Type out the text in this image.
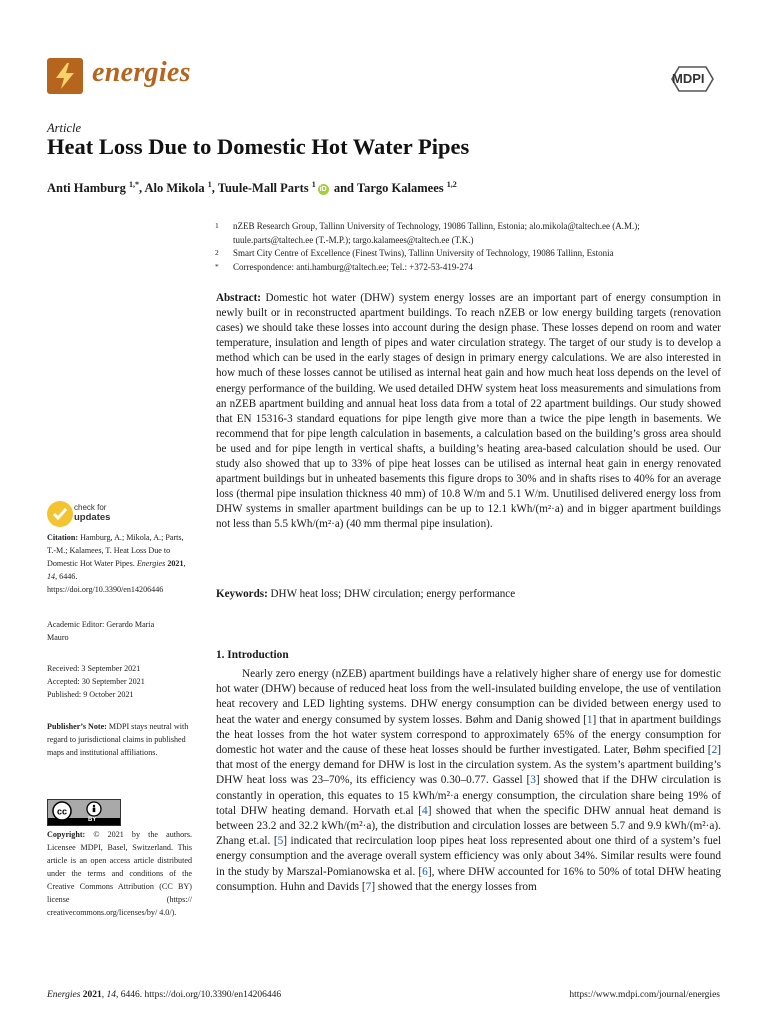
energies	MDPI
Article
Heat Loss Due to Domestic Hot Water Pipes
Anti Hamburg $^{1,*}$, Alo Mikola $^1$, Tuule-Mall Parts $^1$iD and Targo Kalamees $^{1,2}$
1 nZEB Research Group, Tallinn University of Technology, 19086 Tallinn, Estonia; alo.mikola@taltech.ee (A.M.);
tuule.parts@taltech.ee (T.-M.P.); targo.kalamees@taltech.ee (T.K.)
2 Smart City Centre of Excellence (Finest Twins), Tallinn University of Technology, 19086 Tallinn, Estonia
* Correspondence: anti.hamburg@taltech.ee; Tel.: +372-53-419-274
Abstract: Domestic hot water (DHW) system energy losses are an important part of energy consumption in newly built or in reconstructed apartment buildings. To reach nZEB or low energy building targets (renovation cases) we should take these losses into account during the design phase. These losses depend on room and water temperature, insulation and length of pipes and water circulation strategy. The target of our study is to develop a method which can be used in the early stages of design in primary energy calculations. We are also interested in how much of these losses cannot be utilised as internal heat gain and how much heat loss depends on the level of energy performance of the building. We used detailed DHW system heat loss measurements and simulations from an nZEB apartment building and annual heat loss data from a total of 22 apartment buildings. Our study showed that EN 15316-3 standard equations for pipe length give more than a twice the pipe length in basements. We recommend that for pipe length calculation in basements, a calculation based on the building’s gross area should be used and for pipe length in vertical shafts, a building’s heating area-based calculation should be used. Our study also showed that up to 33% of pipe heat losses can be utilised as internal heat gain in energy renovated apartment buildings but in unheated basements this figure drops to 30% and in shafts rises to 40% for an average loss (thermal pipe insulation thickness 40 mm) of 10.8 W/m and 5.1 W/m. Unutilised delivered energy loss from DHW systems in smaller apartment buildings can be up to 12.1 kWh/(m²·a) and in bigger apartment buildings not less than 5.5 kWh/(m²·a) (40 mm thermal pipe insulation).
Keywords: DHW heat loss; DHW circulation; energy performance
1. Introduction
Nearly zero energy (nZEB) apartment buildings have a relatively higher share of energy use for domestic hot water (DHW) because of reduced heat loss from the well-insulated building envelope, the use of ventilation heat recovery and LED lighting systems. DHW energy consumption can be divided between energy used to heat the water and energy consumed by system losses. Bøhm and Danig showed [1] that in apartment buildings the heat losses from the hot water system correspond to approximately 65% of the energy consumption for domestic hot water and the cause of these heat losses should be further investigated. Later, Bøhm specified [2] that most of the energy demand for DHW is lost in the circulation system. As the system’s apartment building’s DHW heat loss was 23–70%, its efficiency was 0.30–0.77. Gassel [3] showed that if the DHW circulation is constantly in operation, this equates to 15 kWh/m²·a energy consumption, the circulation share being 19% of total DHW heating demand. Horvath et.al [4] showed that when the specific DHW annual heat demand is between 23.2 and 32.2 kWh/(m²·a), the distribution and circulation losses are between 5.7 and 9.9 kWh/(m²·a). Zhang et.al. [5] indicated that recirculation loop pipes heat loss represented about one third of a system’s fuel energy consumption and the average overall system efficiency was only about 34%. Similar results were found in the study by Marszal-Pomianowska et al. [6], where DHW accounted for 16% to 50% of total DHW heating consumption. Huhn and Davids [7] showed that the energy losses from
check for
updates
Citation: Hamburg, A.; Mikola, A.; Parts, T.-M.; Kalamees, T. Heat Loss Due to Domestic Hot Water Pipes. Energies 2021, 14, 6446. https://doi.org/10.3390/en14206446
Academic Editor: Gerardo Maria Mauro
Received: 3 September 2021
Accepted: 30 September 2021
Published: 9 October 2021
Publisher’s Note: MDPI stays neutral with regard to jurisdictional claims in published maps and institutional affiliations.
cc
BY
Copyright: © 2021 by the authors. Licensee MDPI, Basel, Switzerland. This article is an open access article distributed under the terms and conditions of the Creative Commons Attribution (CC BY) license (https:// creativecommons.org/licenses/by/ 4.0/).
Energies 2021, 14, 6446. https://doi.org/10.3390/en14206446	https://www.mdpi.com/journal/energies
